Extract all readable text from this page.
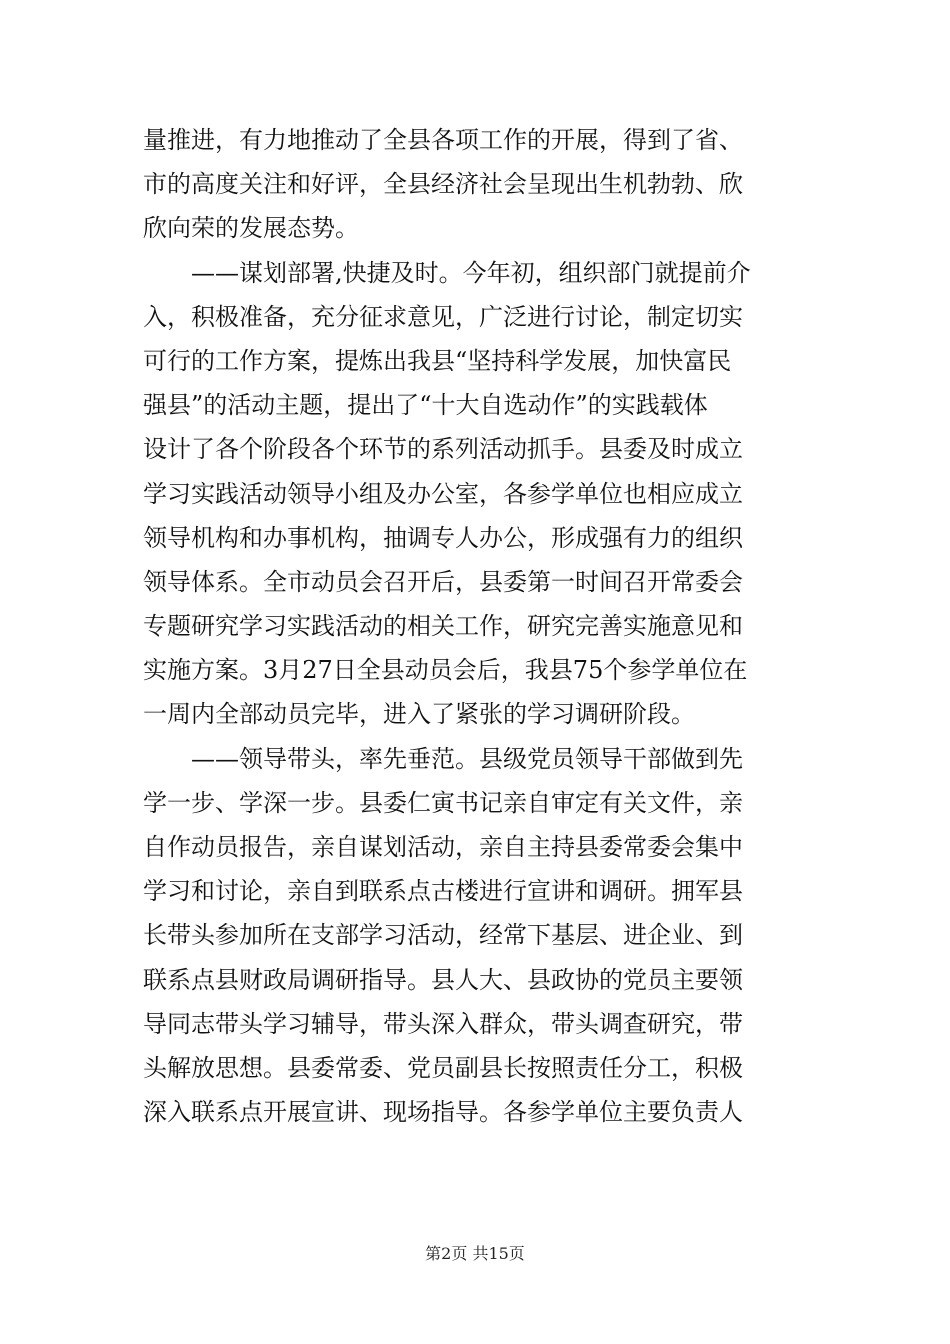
量推进，有力地推动了全县各项工作的开展，得到了省、
市的高度关注和好评，全县经济社会呈现出生机勃勃、欣
欣向荣的发展态势。
　　——谋划部署,快捷及时。今年初，组织部门就提前介
入，积极准备，充分征求意见，广泛进行讨论，制定切实
可行的工作方案，提炼出我县“坚持科学发展，加快富民
强县”的活动主题，提出了“十大自选动作”的实践载体
设计了各个阶段各个环节的系列活动抓手。县委及时成立
学习实践活动领导小组及办公室，各参学单位也相应成立
领导机构和办事机构，抽调专人办公，形成强有力的组织
领导体系。全市动员会召开后，县委第一时间召开常委会
专题研究学习实践活动的相关工作，研究完善实施意见和
实施方案。3月27日全县动员会后，我县75个参学单位在
一周内全部动员完毕，进入了紧张的学习调研阶段。
　　——领导带头，率先垂范。县级党员领导干部做到先
学一步、学深一步。县委仁寅书记亲自审定有关文件，亲
自作动员报告，亲自谋划活动，亲自主持县委常委会集中
学习和讨论，亲自到联系点古楼进行宣讲和调研。拥军县
长带头参加所在支部学习活动，经常下基层、进企业、到
联系点县财政局调研指导。县人大、县政协的党员主要领
导同志带头学习辅导，带头深入群众，带头调查研究，带
头解放思想。县委常委、党员副县长按照责任分工，积极
深入联系点开展宣讲、现场指导。各参学单位主要负责人
第2页 共15页
